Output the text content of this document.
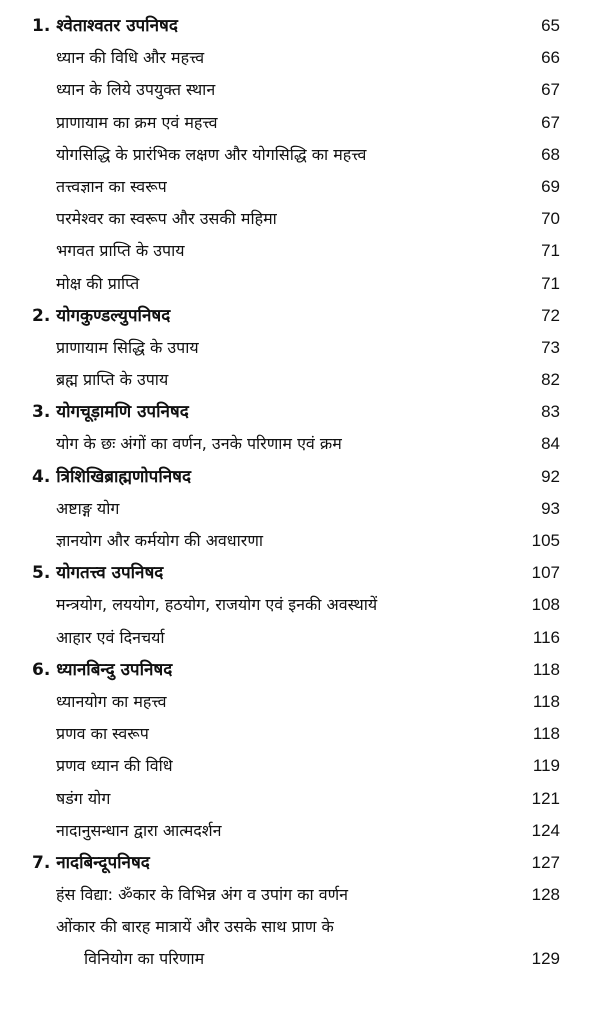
1. श्वेताश्वतर उपनिषद	65
ध्यान की विधि और महत्त्व	66
ध्यान के लिये उपयुक्त स्थान	67
प्राणायाम का क्रम एवं महत्त्व	67
योगसिद्धि के प्रारंभिक लक्षण और योगसिद्धि का महत्त्व	68
तत्त्वज्ञान का स्वरूप	69
परमेश्वर का स्वरूप और उसकी महिमा	70
भगवत प्राप्ति के उपाय	71
मोक्ष की प्राप्ति	71
2. योगकुण्डल्युपनिषद	72
प्राणायाम सिद्धि के उपाय	73
ब्रह्म प्राप्ति के उपाय	82
3. योगचूड़ामणि उपनिषद	83
योग के छः अंगों का वर्णन, उनके परिणाम एवं क्रम	84
4. त्रिशिखिब्राह्मणोपनिषद	92
अष्टाङ्ग योग	93
ज्ञानयोग और कर्मयोग की अवधारणा	105
5. योगतत्त्व उपनिषद	107
मन्त्रयोग, लययोग, हठयोग, राजयोग एवं इनकी अवस्थायें	108
आहार एवं दिनचर्या	116
6. ध्यानबिन्दु उपनिषद	118
ध्यानयोग का महत्त्व	118
प्रणव का स्वरूप	118
प्रणव ध्यान की विधि	119
षडंग योग	121
नादानुसन्धान द्वारा आत्मदर्शन	124
7. नादबिन्दूपनिषद	127
हंस विद्या: ॐकार के विभिन्न अंग व उपांग का वर्णन	128
ओंकार की बारह मात्रायें और उसके साथ प्राण के
विनियोग का परिणाम	129
